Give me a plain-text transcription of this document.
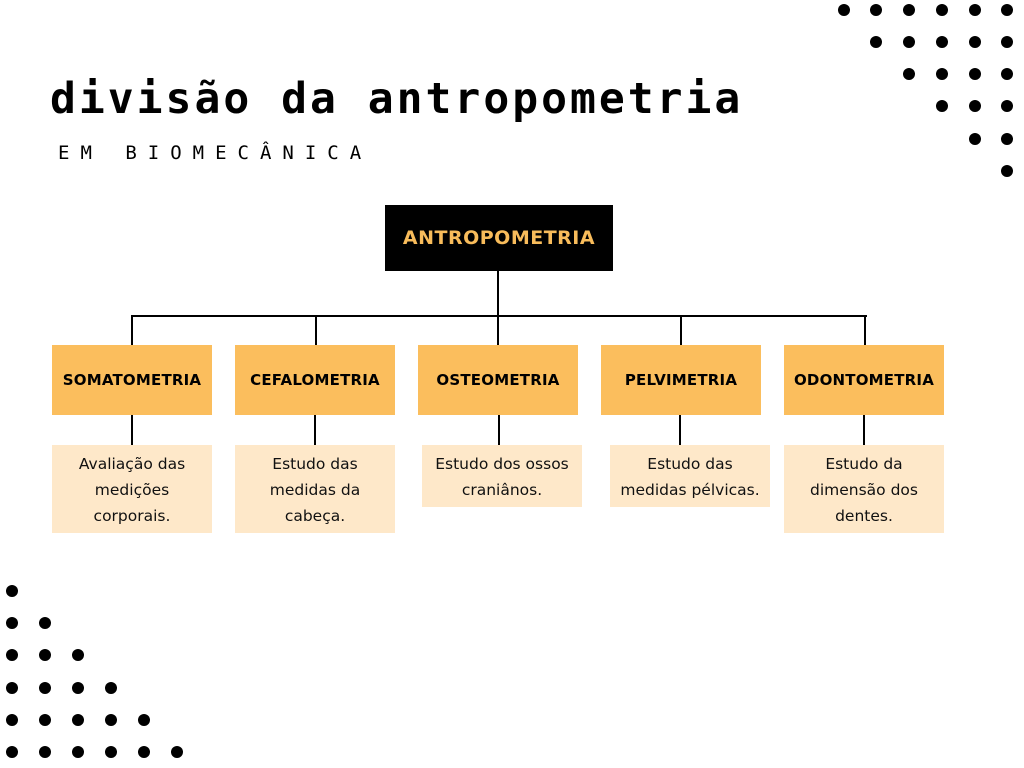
divisão da antropometria
EM BIOMECÂNICA
ANTROPOMETRIA
SOMATOMETRIA	CEFALOMETRIA	OSTEOMETRIA	PELVIMETRIA	ODONTOMETRIA
Avaliação das medições corporais.
Estudo das medidas da cabeça.
Estudo dos ossos craniânos.
Estudo das medidas pélvicas.
Estudo da dimensão dos dentes.
